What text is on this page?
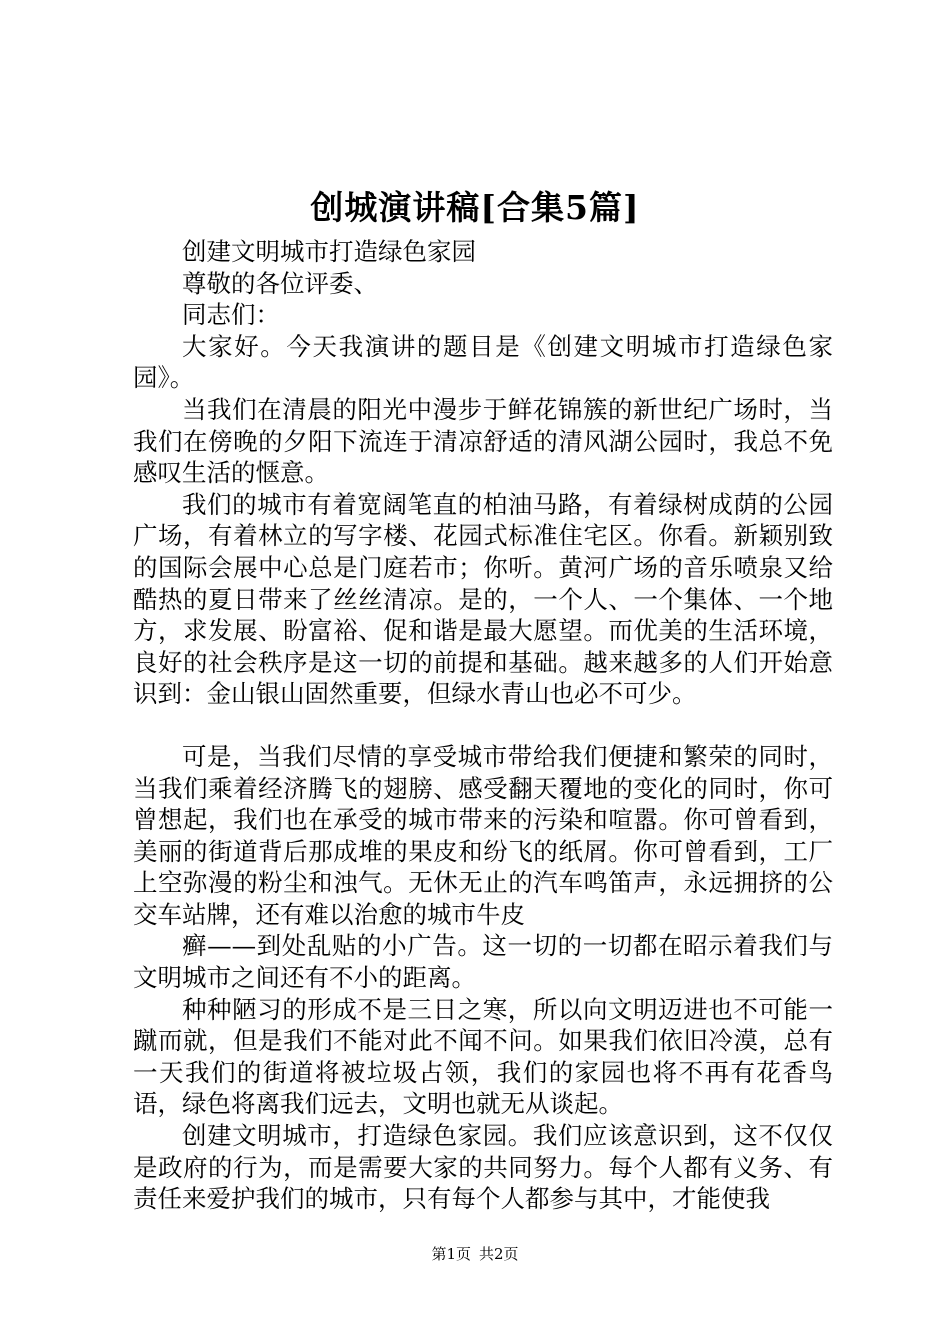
创城演讲稿[合集5篇]

创建文明城市打造绿色家园

尊敬的各位评委、

同志们：

大家好。今天我演讲的题目是《创建文明城市打造绿色家园》。

当我们在清晨的阳光中漫步于鲜花锦簇的新世纪广场时，当我们在傍晚的夕阳下流连于清凉舒适的清风湖公园时，我总不免感叹生活的惬意。

我们的城市有着宽阔笔直的柏油马路，有着绿树成荫的公园广场，有着林立的写字楼、花园式标准住宅区。你看。新颖别致的国际会展中心总是门庭若市；你听。黄河广场的音乐喷泉又给酷热的夏日带来了丝丝清凉。是的，一个人、一个集体、一个地方，求发展、盼富裕、促和谐是最大愿望。而优美的生活环境，良好的社会秩序是这一切的前提和基础。越来越多的人们开始意识到：金山银山固然重要，但绿水青山也必不可少。

可是，当我们尽情的享受城市带给我们便捷和繁荣的同时，当我们乘着经济腾飞的翅膀、感受翻天覆地的变化的同时，你可曾想起，我们也在承受的城市带来的污染和喧嚣。你可曾看到，美丽的街道背后那成堆的果皮和纷飞的纸屑。你可曾看到，工厂上空弥漫的粉尘和浊气。无休无止的汽车鸣笛声，永远拥挤的公交车站牌，还有难以治愈的城市牛皮

癣——到处乱贴的小广告。这一切的一切都在昭示着我们与文明城市之间还有不小的距离。

种种陋习的形成不是三日之寒，所以向文明迈进也不可能一蹴而就，但是我们不能对此不闻不问。如果我们依旧冷漠，总有一天我们的街道将被垃圾占领，我们的家园也将不再有花香鸟语，绿色将离我们远去，文明也就无从谈起。

创建文明城市，打造绿色家园。我们应该意识到，这不仅仅是政府的行为，而是需要大家的共同努力。每个人都有义务、有责任来爱护我们的城市，只有每个人都参与其中，才能使我

第1页 共2页
